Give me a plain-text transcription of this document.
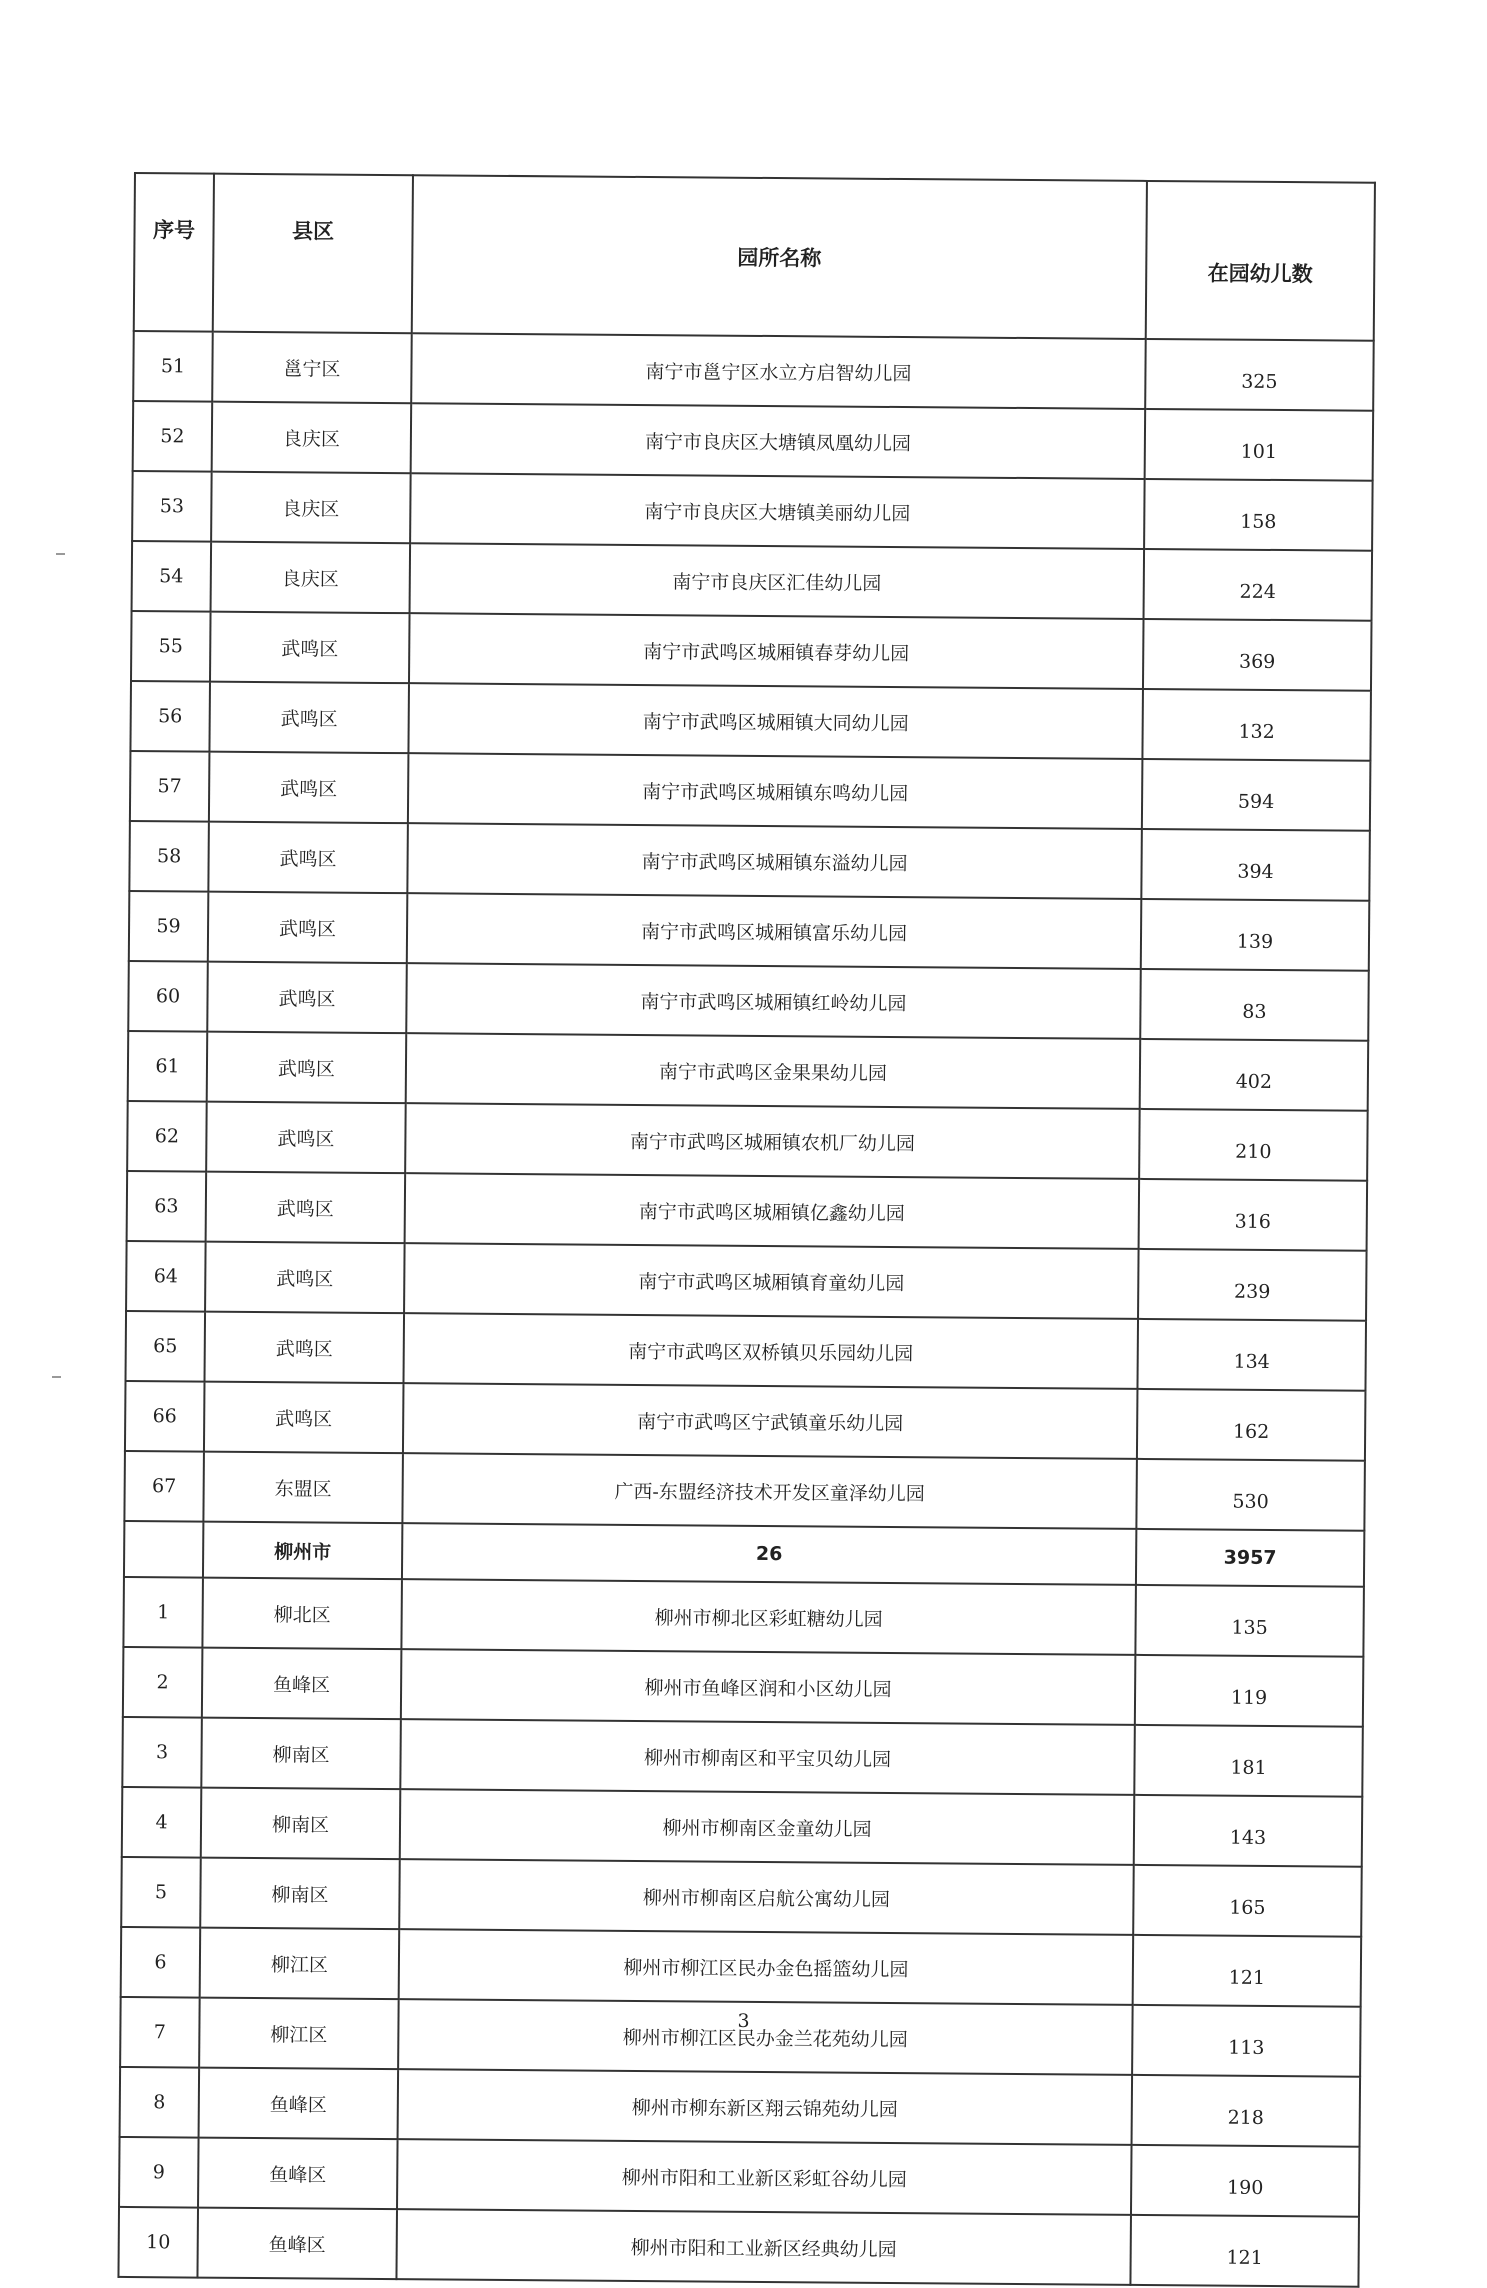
序号	县区	园所名称	在园幼儿数
51	邕宁区	南宁市邕宁区水立方启智幼儿园	325
52	良庆区	南宁市良庆区大塘镇凤凰幼儿园	101
53	良庆区	南宁市良庆区大塘镇美丽幼儿园	158
54	良庆区	南宁市良庆区汇佳幼儿园	224
55	武鸣区	南宁市武鸣区城厢镇春芽幼儿园	369
56	武鸣区	南宁市武鸣区城厢镇大同幼儿园	132
57	武鸣区	南宁市武鸣区城厢镇东鸣幼儿园	594
58	武鸣区	南宁市武鸣区城厢镇东溢幼儿园	394
59	武鸣区	南宁市武鸣区城厢镇富乐幼儿园	139
60	武鸣区	南宁市武鸣区城厢镇红岭幼儿园	83
61	武鸣区	南宁市武鸣区金果果幼儿园	402
62	武鸣区	南宁市武鸣区城厢镇农机厂幼儿园	210
63	武鸣区	南宁市武鸣区城厢镇亿鑫幼儿园	316
64	武鸣区	南宁市武鸣区城厢镇育童幼儿园	239
65	武鸣区	南宁市武鸣区双桥镇贝乐园幼儿园	134
66	武鸣区	南宁市武鸣区宁武镇童乐幼儿园	162
67	东盟区	广西-东盟经济技术开发区童泽幼儿园	530
	柳州市	26	3957
1	柳北区	柳州市柳北区彩虹糖幼儿园	135
2	鱼峰区	柳州市鱼峰区润和小区幼儿园	119
3	柳南区	柳州市柳南区和平宝贝幼儿园	181
4	柳南区	柳州市柳南区金童幼儿园	143
5	柳南区	柳州市柳南区启航公寓幼儿园	165
6	柳江区	柳州市柳江区民办金色摇篮幼儿园	121
7	柳江区	柳州市柳江区民办金兰花苑幼儿园	113
8	鱼峰区	柳州市柳东新区翔云锦苑幼儿园	218
9	鱼峰区	柳州市阳和工业新区彩虹谷幼儿园	190
10	鱼峰区	柳州市阳和工业新区经典幼儿园	121
3
